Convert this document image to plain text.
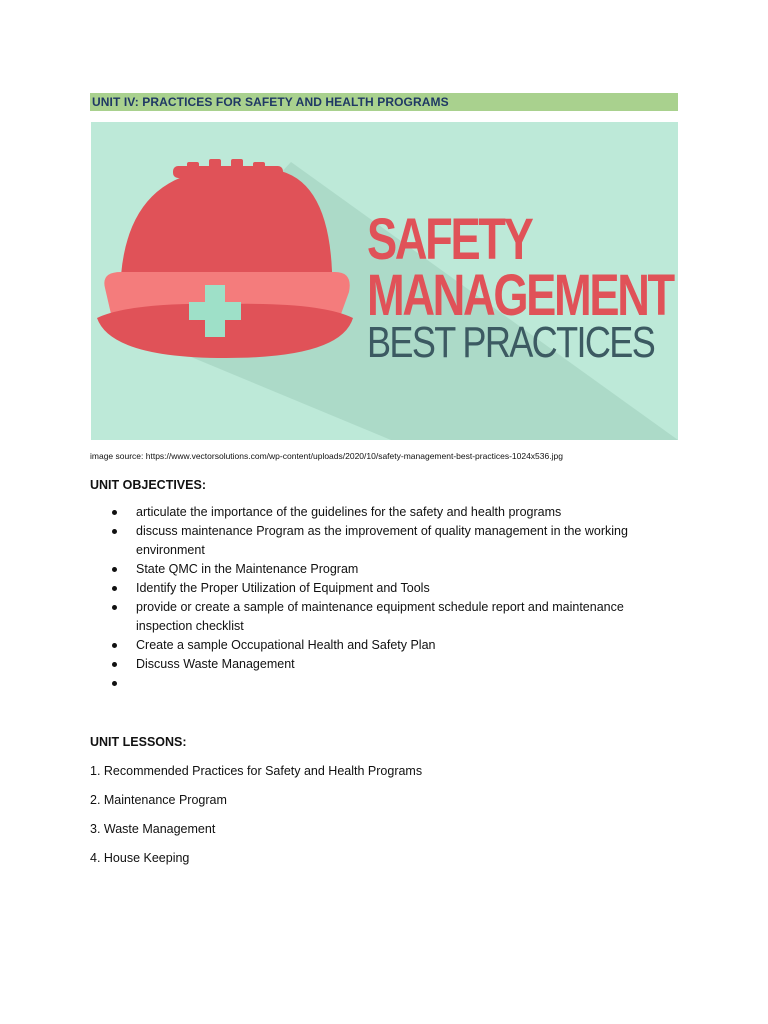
UNIT IV: PRACTICES FOR SAFETY AND HEALTH PROGRAMS
SAFETY
MANAGEMENT
BEST PRACTICES
image source: https://www.vectorsolutions.com/wp-content/uploads/2020/10/safety-management-best-practices-1024x536.jpg
UNIT OBJECTIVES:
articulate the importance of the guidelines for the safety and health programs
discuss maintenance Program as the improvement of quality management in the working environment
State QMC in the Maintenance Program
Identify the Proper Utilization of Equipment and Tools
provide or create a sample of maintenance equipment schedule report and maintenance inspection checklist
Create a sample Occupational Health and Safety Plan
Discuss Waste Management
UNIT LESSONS:
1. Recommended Practices for Safety and Health Programs
2. Maintenance Program
3. Waste Management
4. House Keeping
